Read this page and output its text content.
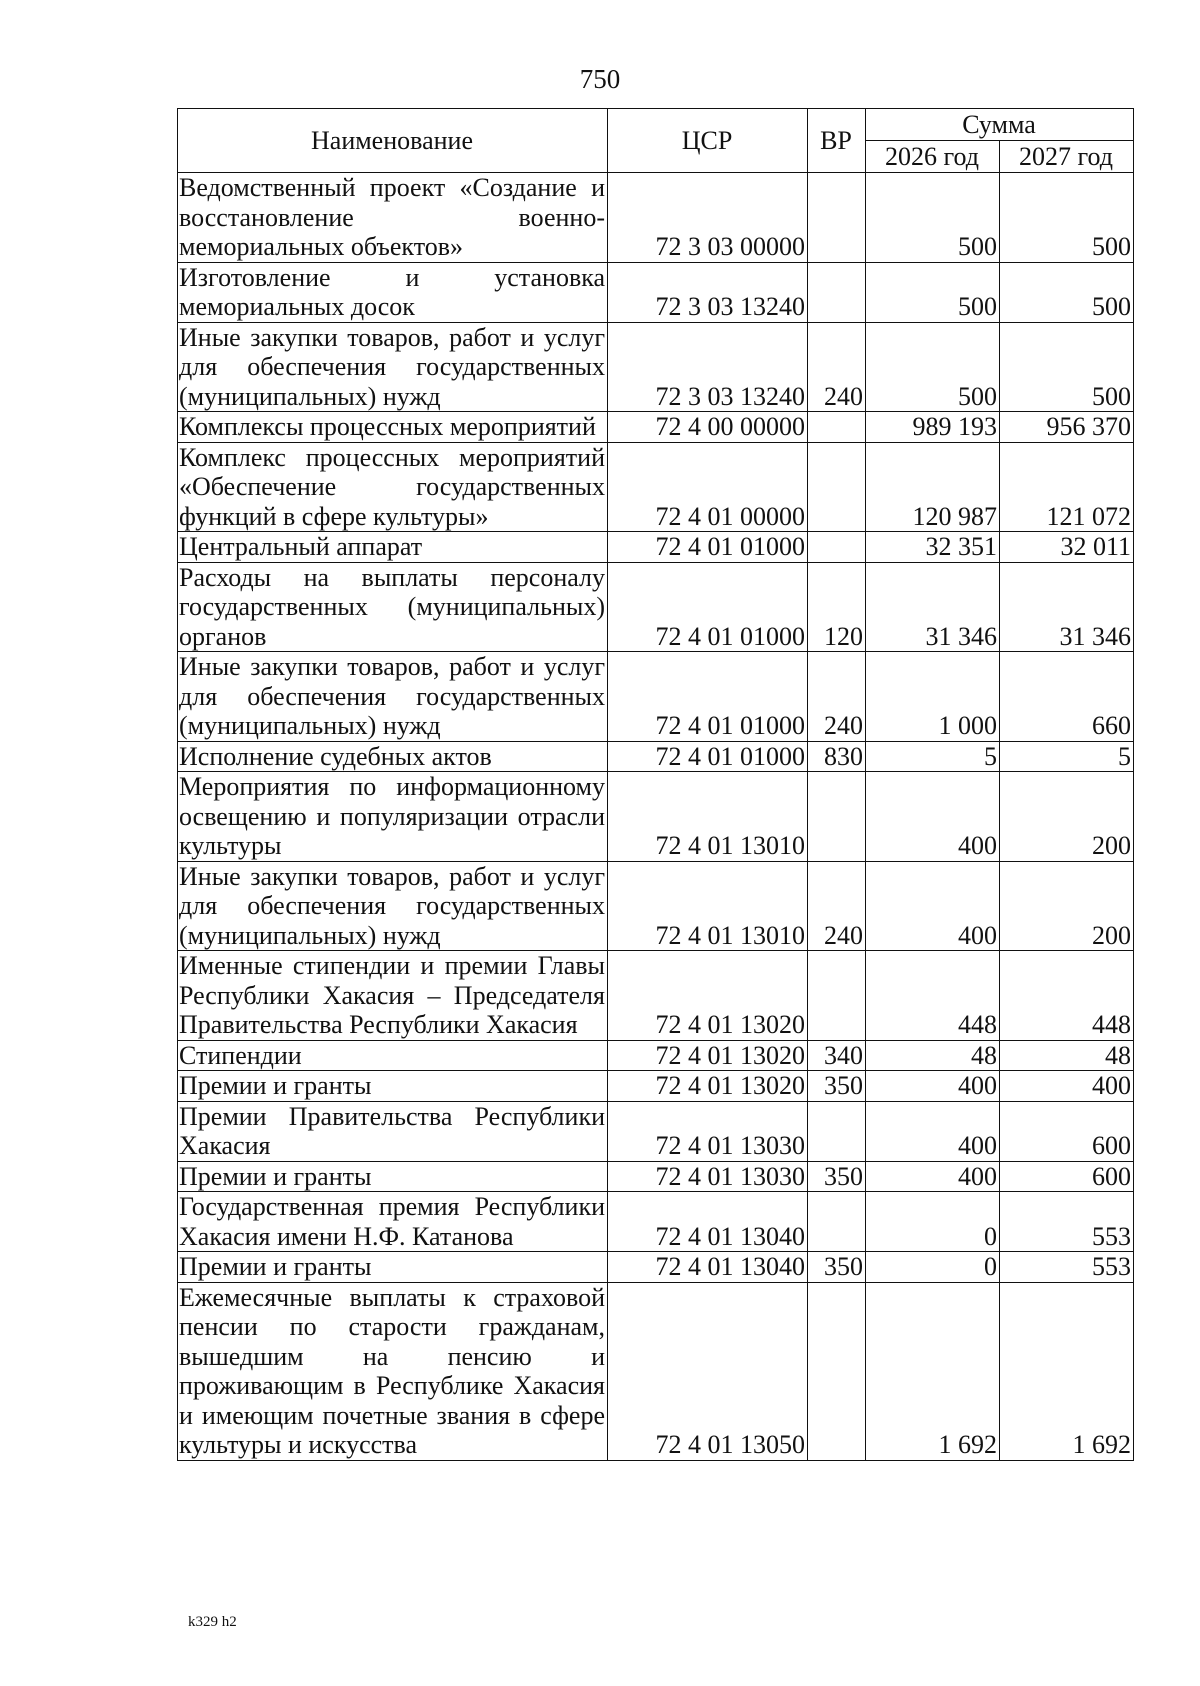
750
Наименование	ЦСР	ВР	Сумма	
			2026 год	2027 год
Ведомственный проект «Создание и восстановление военно-мемориальных объектов»	72 3 03 00000		500	500
Изготовление и установка мемориальных досок	72 3 03 13240		500	500
Иные закупки товаров, работ и услуг для обеспечения государственных (муниципальных) нужд	72 3 03 13240	240	500	500
Комплексы процессных мероприятий	72 4 00 00000		989 193	956 370
Комплекс процессных мероприятий «Обеспечение государственных функций в сфере культуры»	72 4 01 00000		120 987	121 072
Центральный аппарат	72 4 01 01000		32 351	32 011
Расходы на выплаты персоналу государственных (муниципальных) органов	72 4 01 01000	120	31 346	31 346
Иные закупки товаров, работ и услуг для обеспечения государственных (муниципальных) нужд	72 4 01 01000	240	1 000	660
Исполнение судебных актов	72 4 01 01000	830	5	5
Мероприятия по информационному освещению и популяризации отрасли культуры	72 4 01 13010		400	200
Иные закупки товаров, работ и услуг для обеспечения государственных (муниципальных) нужд	72 4 01 13010	240	400	200
Именные стипендии и премии Главы Республики Хакасия – Председателя Правительства Республики Хакасия	72 4 01 13020		448	448
Стипендии	72 4 01 13020	340	48	48
Премии и гранты	72 4 01 13020	350	400	400
Премии Правительства Республики Хакасия	72 4 01 13030		400	600
Премии и гранты	72 4 01 13030	350	400	600
Государственная премия Республики Хакасия имени Н.Ф. Катанова	72 4 01 13040		0	553
Премии и гранты	72 4 01 13040	350	0	553
Ежемесячные выплаты к страховой пенсии по старости гражданам, вышедшим на пенсию и проживающим в Республике Хакасия и имеющим почетные звания в сфере культуры и искусства	72 4 01 13050		1 692	1 692
k329 h2
